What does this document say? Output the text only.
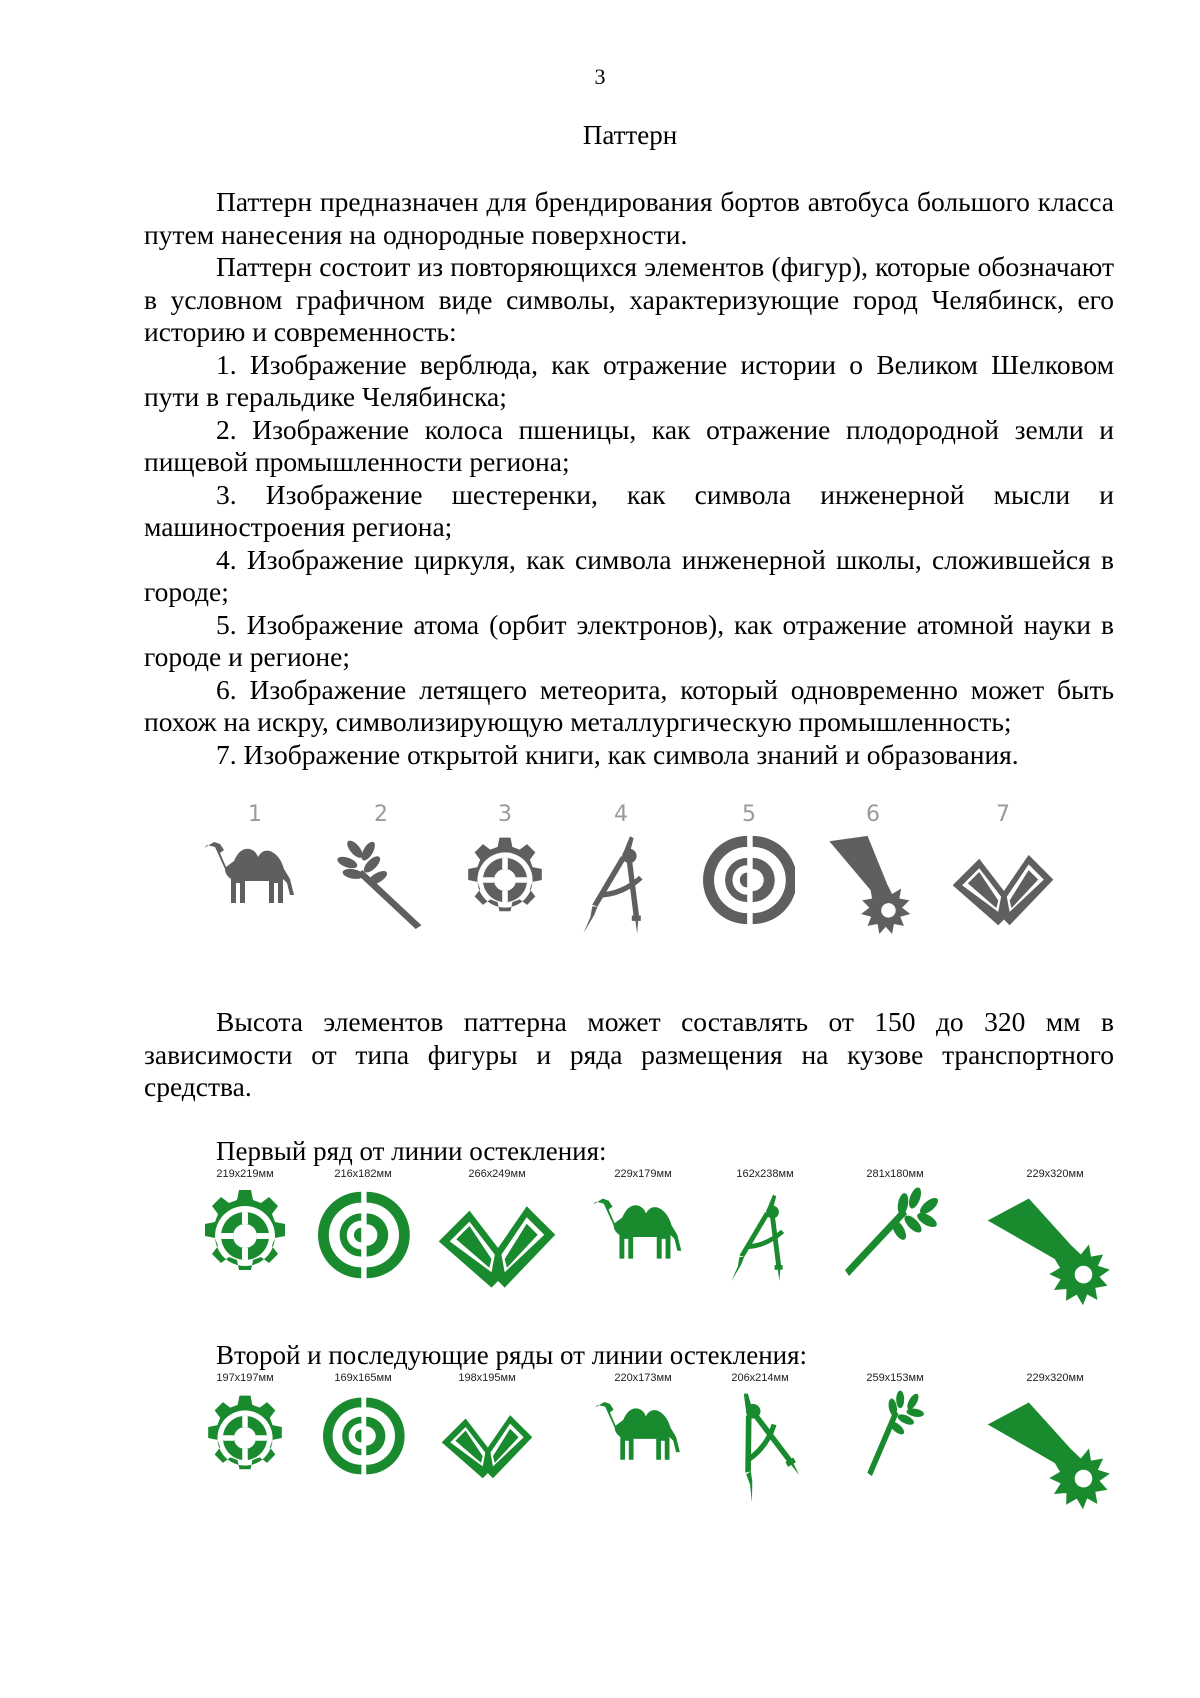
3
Паттерн

Паттерн предназначен для брендирования бортов автобуса большого класса путем нанесения на однородные поверхности.

Паттерн состоит из повторяющихся элементов (фигур), которые обозначают в условном графичном виде символы, характеризующие город Челябинск, его историю и современность:

1. Изображение верблюда, как отражение истории о Великом Шелковом пути в геральдике Челябинска;

2. Изображение колоса пшеницы, как отражение плодородной земли и пищевой промышленности региона;

3. Изображение шестеренки, как символа инженерной мысли и машиностроения региона;

4. Изображение циркуля, как символа инженерной школы, сложившейся в городе;

5. Изображение атома (орбит электронов), как отражение атомной науки в городе и регионе;

6. Изображение летящего метеорита, который одновременно может быть похож на искру, символизирующую металлургическую промышленность;

7. Изображение открытой книги, как символа знаний и образования.

1	2	3	4	5	6	7

Высота элементов паттерна может составлять от 150 до 320 мм в зависимости от типа фигуры и ряда размещения на кузове транспортного средства.

Первый ряд от линии остекления:
219x219мм	216x182мм	266x249мм	229x179мм	162x238мм	281x180мм	229x320мм
Второй и последующие ряды от линии остекления:
197x197мм	169x165мм	198x195мм	220x173мм	206x214мм	259x153мм	229x320мм
